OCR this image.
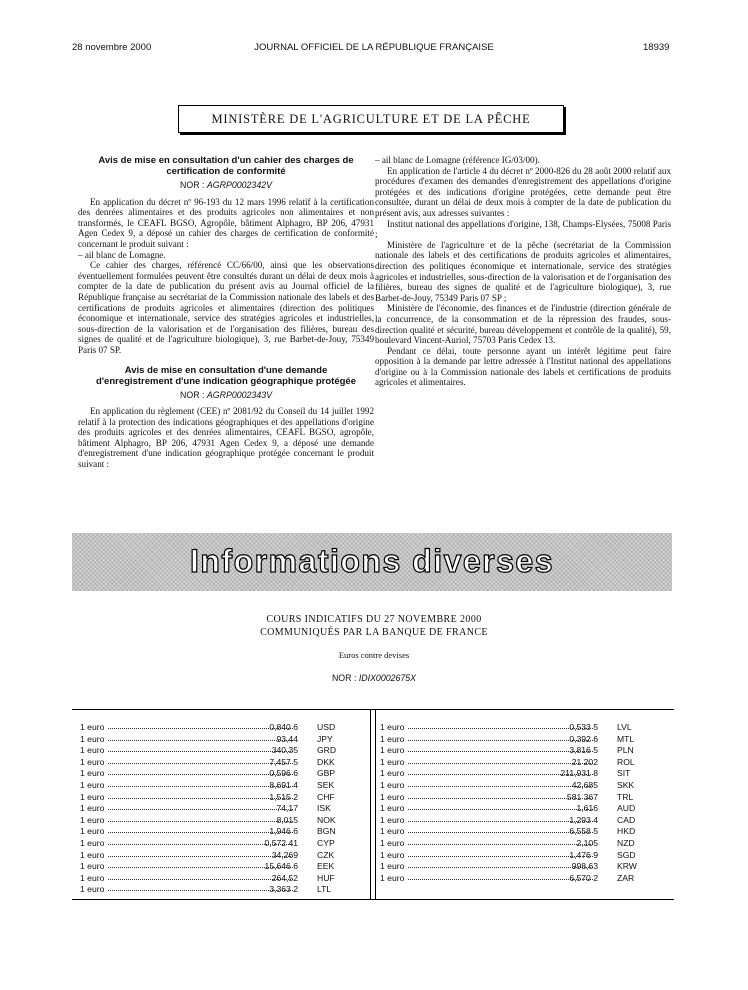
28 novembre 2000	JOURNAL OFFICIEL DE LA RÉPUBLIQUE FRANÇAISE	18939
MINISTÈRE DE L'AGRICULTURE ET DE LA PÊCHE
Avis de mise en consultation d'un cahier des charges de certification de conformité
NOR : AGRP0002342V

En application du décret nº 96-193 du 12 mars 1996 relatif à la certification des denrées alimentaires et des produits agricoles non alimentaires et non transformés, le CEAFL BGSO, Agropôle, bâtiment Alphagro, BP 206, 47931 Agen Cedex 9, a déposé un cahier des charges de certification de conformité concernant le produit suivant :

– ail blanc de Lomagne.

Ce cahier des charges, référencé CC/66/00, ainsi que les observations éventuellement formulées peuvent être consultés durant un délai de deux mois à compter de la date de publication du présent avis au Journal officiel de la République française au secrétariat de la Commission nationale des labels et des certifications de produits agricoles et alimentaires (direction des politiques économique et internationale, service des stratégies agricoles et industrielles, sous-direction de la valorisation et de l'organisation des filières, bureau des signes de qualité et de l'agriculture biologique), 3, rue Barbet-de-Jouy, 75349 Paris 07 SP.

Avis de mise en consultation d'une demande d'enregistrement d'une indication géographique protégée
NOR : AGRP0002343V

En application du règlement (CEE) nº 2081/92 du Conseil du 14 juillet 1992 relatif à la protection des indications géographiques et des appellations d'origine des produits agricoles et des denrées alimentaires, CEAFL BGSO, agropôle, bâtiment Alphagro, BP 206, 47931 Agen Cedex 9, a déposé une demande d'enregistrement d'une indication géographique protégée concernant le produit suivant :

– ail blanc de Lomagne (référence IG/03/00).

En application de l'article 4 du décret nº 2000-826 du 28 août 2000 relatif aux procédures d'examen des demandes d'enregistrement des appellations d'origine protégées et des indications d'origine protégées, cette demande peut être consultée, durant un délai de deux mois à compter de la date de publication du présent avis, aux adresses suivantes :

Institut national des appellations d'origine, 138, Champs-Elysées, 75008 Paris ;

Ministère de l'agriculture et de la pêche (secrétariat de la Commission nationale des labels et des certifications de produits agricoles et alimentaires, direction des politiques économique et internationale, service des stratégies agricoles et industrielles, sous-direction de la valorisation et de l'organisation des filières, bureau des signes de qualité et de l'agriculture biologique), 3, rue Barbet-de-Jouy, 75349 Paris 07 SP ;

Ministère de l'économie, des finances et de l'industrie (direction générale de la concurrence, de la consommation et de la répression des fraudes, sous-direction qualité et sécurité, bureau développement et contrôle de la qualité), 59, boulevard Vincent-Auriol, 75703 Paris Cedex 13.

Pendant ce délai, toute personne ayant un intérêt légitime peut faire opposition à la demande par lettre adressée à l'Institut national des appellations d'origine ou à la Commission nationale des labels et certifications de produits agricoles et alimentaires.

Informations diverses
COURS INDICATIFS DU 27 NOVEMBRE 2000
COMMUNIQUÉS PAR LA BANQUE DE FRANCE
Euros contre devises
NOR : IDIX0002675X
1 euro	0,840 6 USD
1 euro	93,44 JPY
1 euro	340,35 GRD
1 euro	7,457 5 DKK
1 euro	0,596 6 GBP
1 euro	8,691 4 SEK
1 euro	1,515 2 CHF
1 euro	74,17 ISK
1 euro	8,015 NOK
1 euro	1,946 6 BGN
1 euro	0,572 41 CYP
1 euro	34,269 CZK
1 euro	15,646 6 EEK
1 euro	264,52 HUF
1 euro	3,363 2 LTL
1 euro	0,533 5 LVL
1 euro	0,392 6 MTL
1 euro	3,816 5 PLN
1 euro	21 202 ROL
1 euro	211,931 8 SIT
1 euro	42,685 SKK
1 euro	581 367 TRL
1 euro	1,616 AUD
1 euro	1,293 4 CAD
1 euro	6,558 5 HKD
1 euro	2,105 NZD
1 euro	1,476 9 SGD
1 euro	998,63 KRW
1 euro	6,570 2 ZAR
